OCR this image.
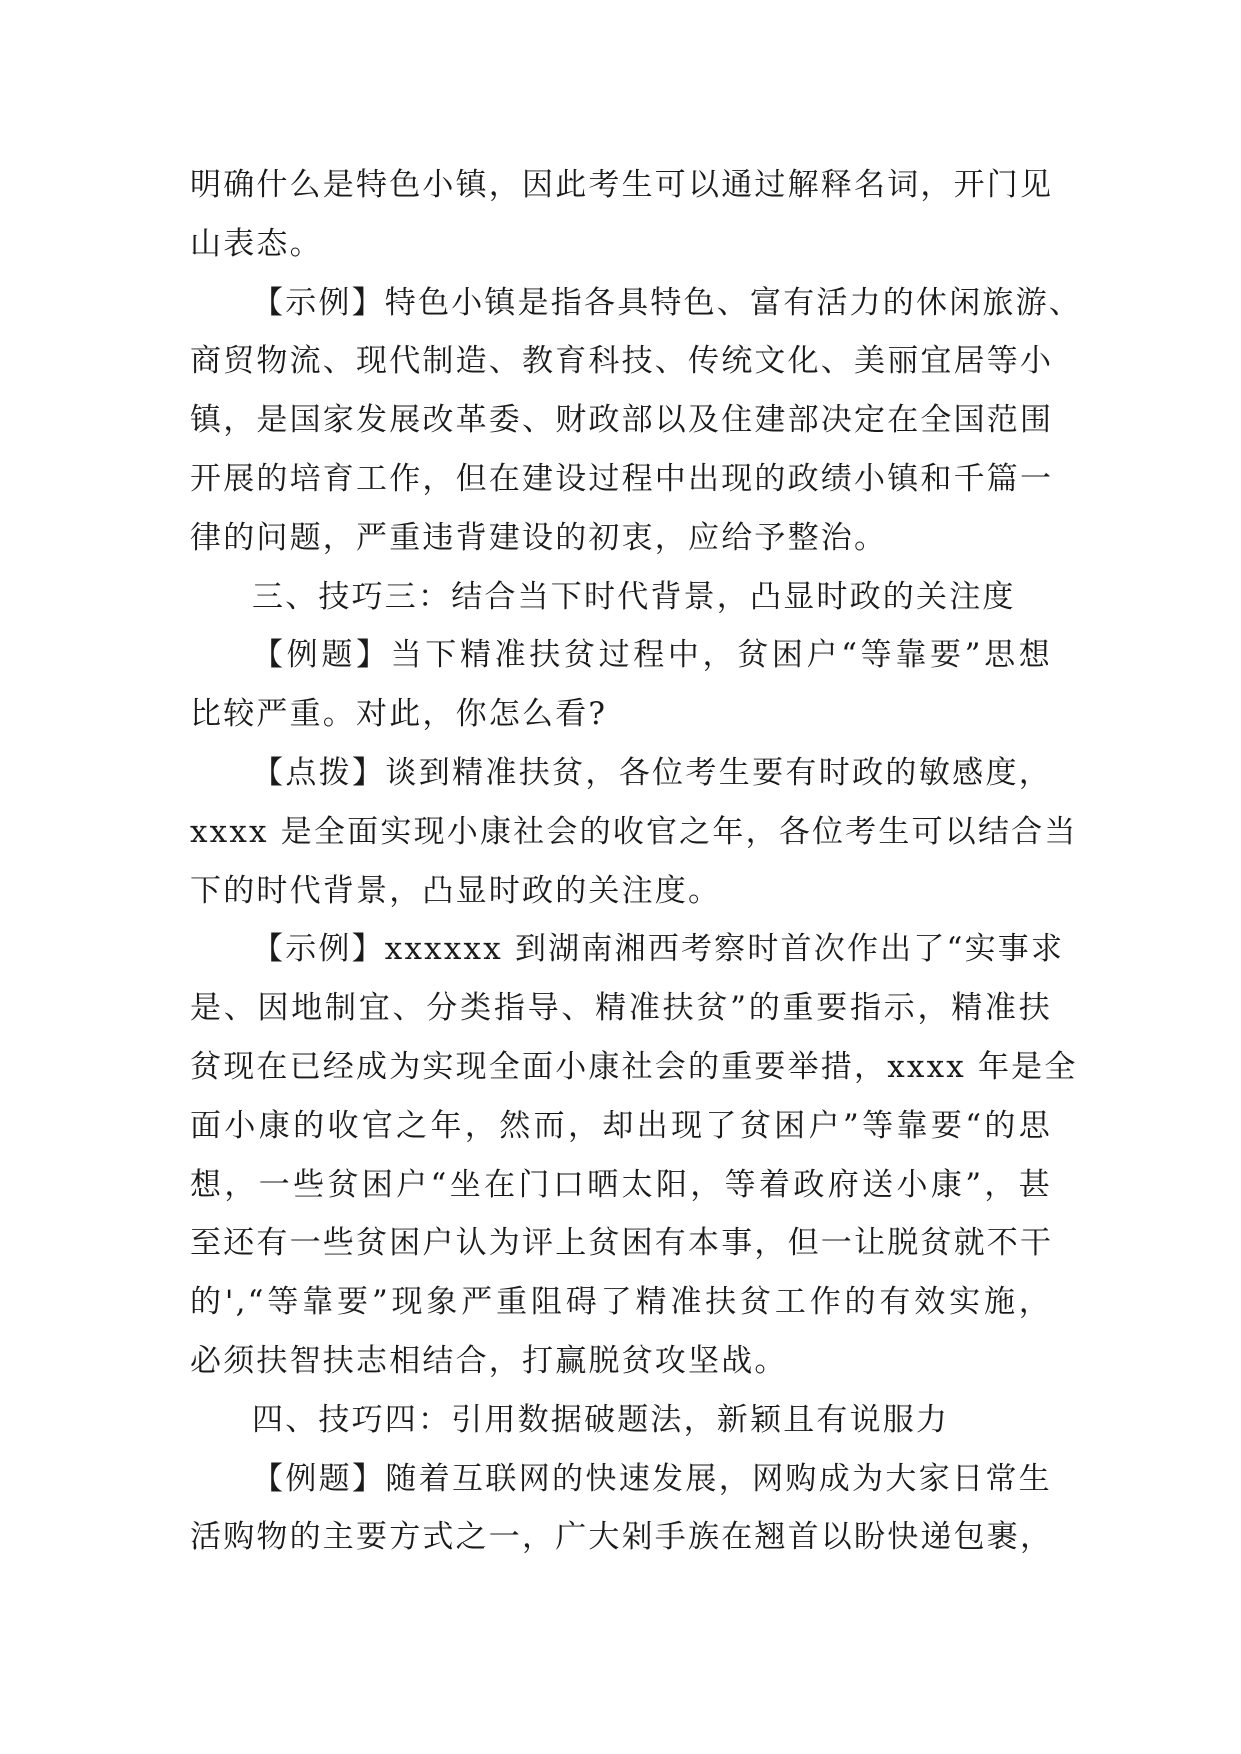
明确什么是特色小镇，因此考生可以通过解释名词，开门见
山表态。
【示例】特色小镇是指各具特色、富有活力的休闲旅游、
商贸物流、现代制造、教育科技、传统文化、美丽宜居等小
镇，是国家发展改革委、财政部以及住建部决定在全国范围
开展的培育工作，但在建设过程中出现的政绩小镇和千篇一
律的问题，严重违背建设的初衷，应给予整治。
三、技巧三：结合当下时代背景，凸显时政的关注度
【例题】当下精准扶贫过程中，贫困户“等靠要”思想
比较严重。对此，你怎么看?
【点拨】谈到精准扶贫，各位考生要有时政的敏感度，
xxxx 是全面实现小康社会的收官之年，各位考生可以结合当
下的时代背景，凸显时政的关注度。
【示例】xxxxxx 到湖南湘西考察时首次作出了“实事求
是、因地制宜、分类指导、精准扶贫”的重要指示，精准扶
贫现在已经成为实现全面小康社会的重要举措，xxxx 年是全
面小康的收官之年，然而，却出现了贫困户”等靠要“的思
想，一些贫困户“坐在门口晒太阳，等着政府送小康”，甚
至还有一些贫困户认为评上贫困有本事，但一让脱贫就不干
的',“等靠要”现象严重阻碍了精准扶贫工作的有效实施，
必须扶智扶志相结合，打赢脱贫攻坚战。
四、技巧四：引用数据破题法，新颖且有说服力
【例题】随着互联网的快速发展，网购成为大家日常生
活购物的主要方式之一，广大剁手族在翘首以盼快递包裹，
